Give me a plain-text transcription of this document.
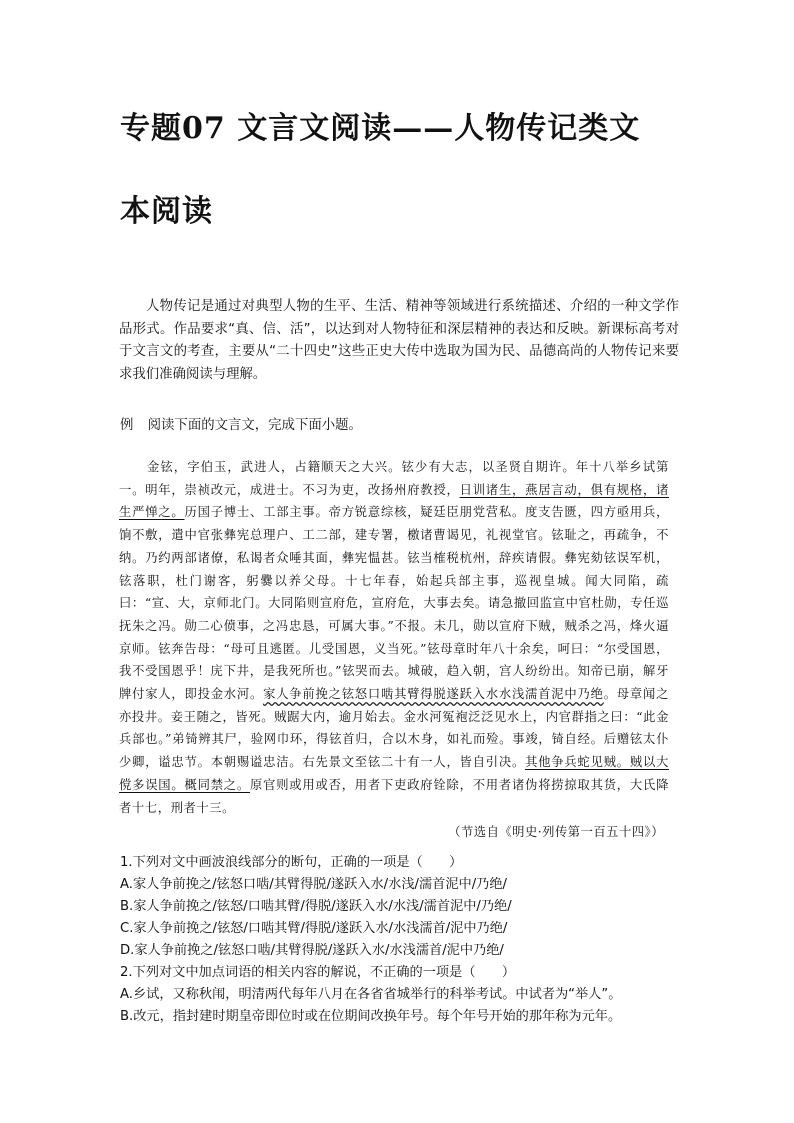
专题07 文言文阅读——人物传记类文
本阅读
人物传记是通过对典型人物的生平、生活、精神等领域进行系统描述、介绍的一种文学作品形式。作品要求“真、信、活”，以达到对人物特征和深层精神的表达和反映。新课标高考对于文言文的考查，主要从“二十四史”这些正史大传中选取为国为民、品德高尚的人物传记来要求我们准确阅读与理解。
例 阅读下面的文言文，完成下面小题。
金铉，字伯玉，武进人，占籍顺天之大兴。铉少有大志，以圣贤自期许。年十八举乡试第一。明年，崇祯改元，成进士。不习为吏，改扬州府教授，日训诸生，燕居言动，俱有规格，诸生严惮之。历国子博士、工部主事。帝方锐意综核，疑廷臣朋党营私。度支告匮，四方亟用兵，饷不敷，遣中官张彝宪总理户、工二部，建专署，檄诸曹谒见，礼视堂官。铉耻之，再疏争，不纳。乃约两部诸僚，私谒者众唾其面，彝宪愠甚。铉当榷税杭州，辞疾请假。彝宪劾铉误军机，铉落职，杜门谢客，躬爨以养父母。十七年春，始起兵部主事，巡视皇城。闻大同陷，疏曰：“宣、大，京师北门。大同陷则宣府危，宣府危，大事去矣。请急撤回监宣中官杜勋，专任巡抚朱之冯。勋二心偾事，之冯忠恳，可属大事。”不报。未几，勋以宣府下贼，贼杀之冯，烽火逼京师。铉奔告母：“母可且逃匿。儿受国恩，义当死。”铉母章时年八十余矣，呵曰：“尔受国恩，我不受国恩乎！庑下井，是我死所也。”铉哭而去。城破，趋入朝，宫人纷纷出。知帝已崩，解牙牌付家人，即投金水河。家人争前挽之铉怒口啮其臂得脱遂跃入水水浅濡首泥中乃绝。母章闻之亦投井。妾王随之，皆死。贼踞大内，逾月始去。金水河冤袍泛泛见水上，内官群指之曰：“此金兵部也。”弟锜辨其尸，验网巾环，得铉首归，合以木身，如礼而殓。事竣，锜自经。后赠铉太仆少卿，谥忠节。本朝赐谥忠洁。右先景文至铉二十有一人，皆自引决。其他争兵蛇见贼。贼以大傥多误国。概同禁之。原官则或用或否，用者下吏政府铨除，不用者诸伪将捞掠取其货，大氏降者十七，刑者十三。
（节选自《明史·列传第一百五十四》）
1.下列对文中画波浪线部分的断句，正确的一项是（　　）
A.家人争前挽之/铉怒口啮/其臂得脱/遂跃入水/水浅/濡首泥中/乃绝/
B.家人争前挽之/铉怒/口啮其臂/得脱/遂跃入水/水浅/濡首泥中/乃绝/
C.家人争前挽之/铉怒/口啮其臂/得脱/遂跃入水/水浅濡首/泥中乃绝/
D.家人争前挽之/铉怒口啮/其臂得脱/遂跃入水/水浅濡首/泥中乃绝/
2.下列对文中加点词语的相关内容的解说，不正确的一项是（　　）
A.乡试，又称秋闱，明清两代每年八月在各省省城举行的科举考试。中试者为“举人”。
B.改元，指封建时期皇帝即位时或在位期间改换年号。每个年号开始的那年称为元年。
